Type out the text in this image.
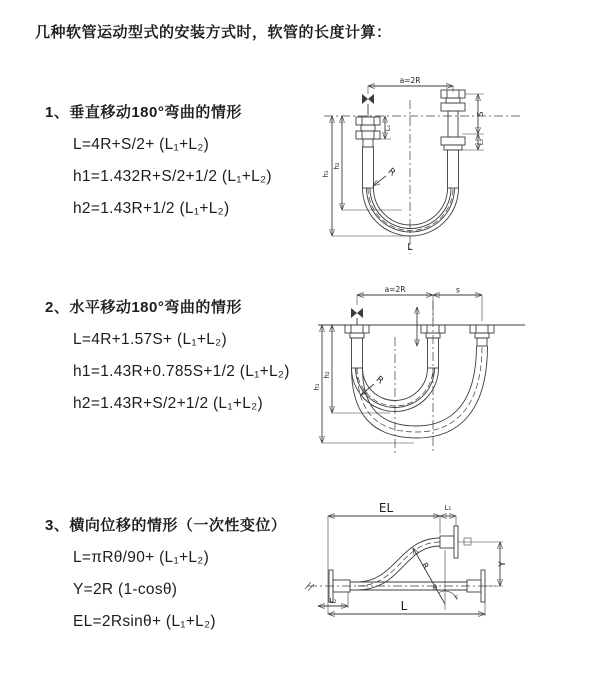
几种软管运动型式的安装方式时，软管的长度计算：
1、垂直移动180°弯曲的情形
L=4R+S/2+ (L₁+L₂)
h1=1.432R+S/2+1/2 (L₁+L₂)
h2=1.43R+1/2 (L₁+L₂)
2、水平移动180°弯曲的情形
L=4R+1.57S+ (L₁+L₂)
h1=1.43R+0.785S+1/2 (L₁+L₂)
h2=1.43R+S/2+1/2 (L₁+L₂)
3、横向位移的情形（一次性变位）
L=πRθ/90+ (L₁+L₂)
Y=2R (1-cosθ)
EL=2Rsinθ+ (L₁+L₂)
a=2R
h₁
h₂
L₁
S
L₂
R
L
a=2R	s
h₁
h₂	R
EL	L₁
Y
L
L₂
R
θ
